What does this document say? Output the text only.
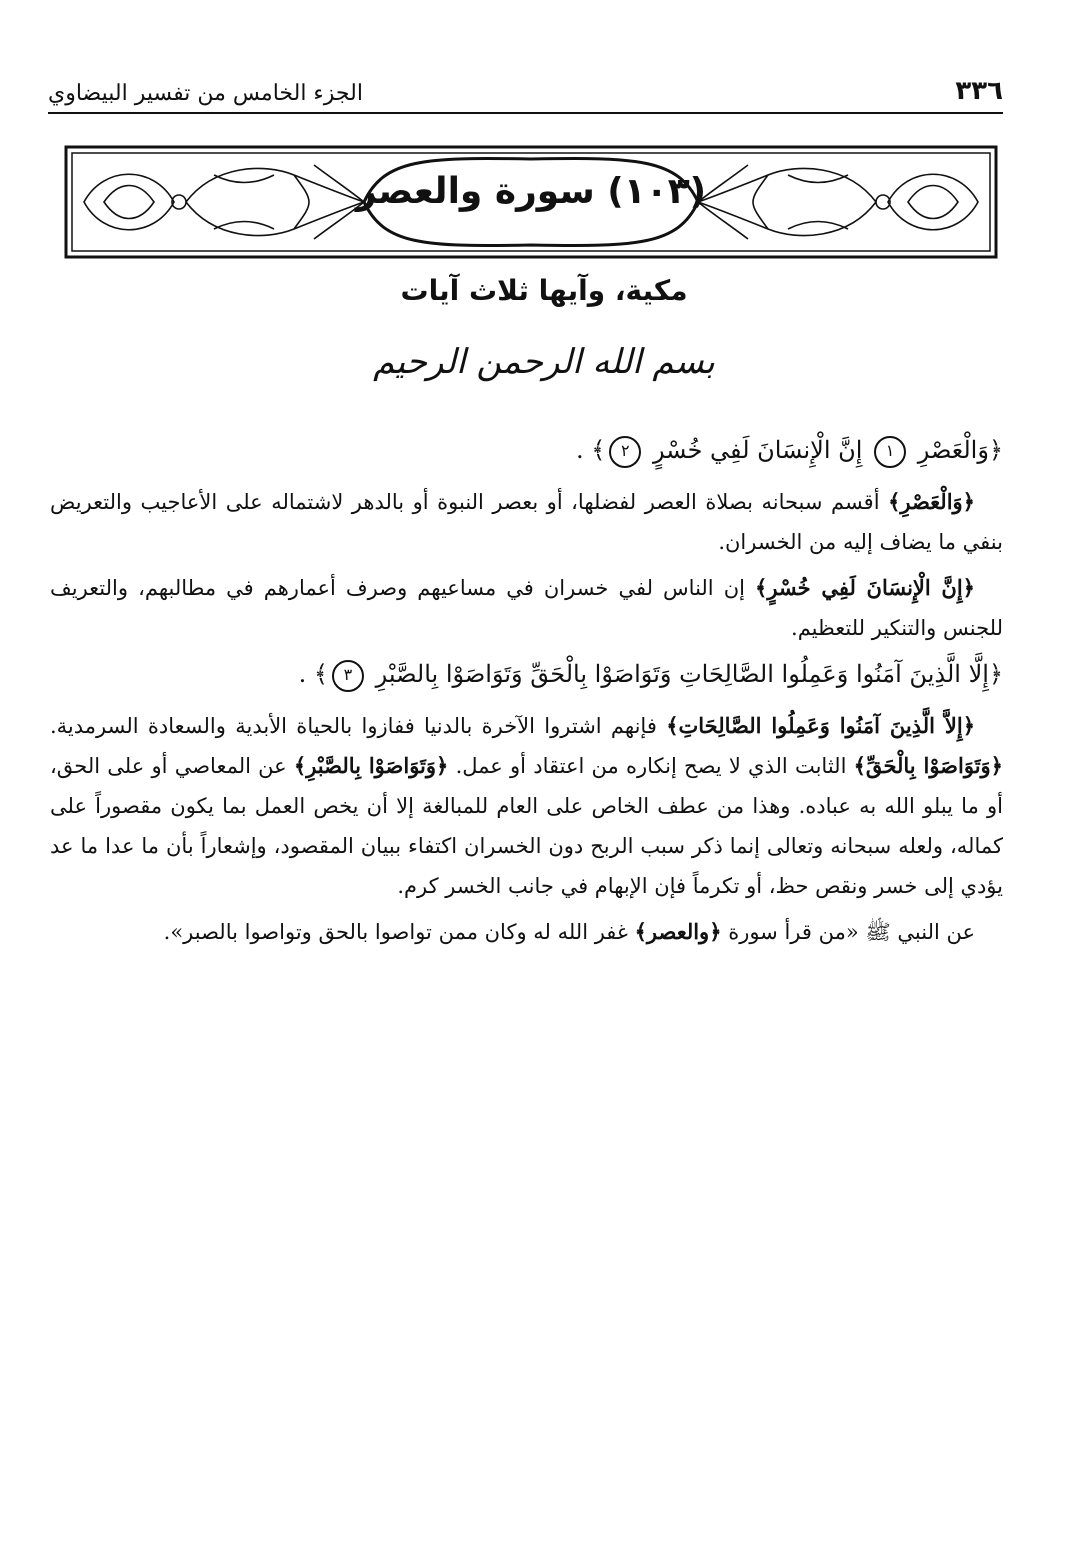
٣٣٦
الجزء الخامس من تفسير البيضاوي
(١٠٣) سورة والعصر
مكية، وآيها ثلاث آيات
بسم الله الرحمن الرحيم

﴿وَالْعَصْرِ ١ إِنَّ الْإِنسَانَ لَفِي خُسْرٍ ٢﴾ .

﴿وَالْعَصْرِ﴾ أقسم سبحانه بصلاة العصر لفضلها، أو بعصر النبوة أو بالدهر لاشتماله على الأعاجيب والتعريض بنفي ما يضاف إليه من الخسران.

﴿إِنَّ الْإِنسَانَ لَفِي خُسْرٍ﴾ إن الناس لفي خسران في مساعيهم وصرف أعمارهم في مطالبهم، والتعريف للجنس والتنكير للتعظيم.

﴿إِلَّا الَّذِينَ آمَنُوا وَعَمِلُوا الصَّالِحَاتِ وَتَوَاصَوْا بِالْحَقِّ وَتَوَاصَوْا بِالصَّبْرِ ٣﴾ .

﴿إِلاَّ الَّذِينَ آمَنُوا وَعَمِلُوا الصَّالِحَاتِ﴾ فإنهم اشتروا الآخرة بالدنيا ففازوا بالحياة الأبدية والسعادة السرمدية. ﴿وَتَوَاصَوْا بِالْحَقِّ﴾ الثابت الذي لا يصح إنكاره من اعتقاد أو عمل. ﴿وَتَوَاصَوْا بِالصَّبْرِ﴾ عن المعاصي أو على الحق، أو ما يبلو الله به عباده. وهذا من عطف الخاص على العام للمبالغة إلا أن يخص العمل بما يكون مقصوراً على كماله، ولعله سبحانه وتعالى إنما ذكر سبب الربح دون الخسران اكتفاء ببيان المقصود، وإشعاراً بأن ما عدا ما عد يؤدي إلى خسر ونقص حظ، أو تكرماً فإن الإبهام في جانب الخسر كرم.

عن النبي ﷺ «من قرأ سورة ﴿والعصر﴾ غفر الله له وكان ممن تواصوا بالحق وتواصوا بالصبر».
